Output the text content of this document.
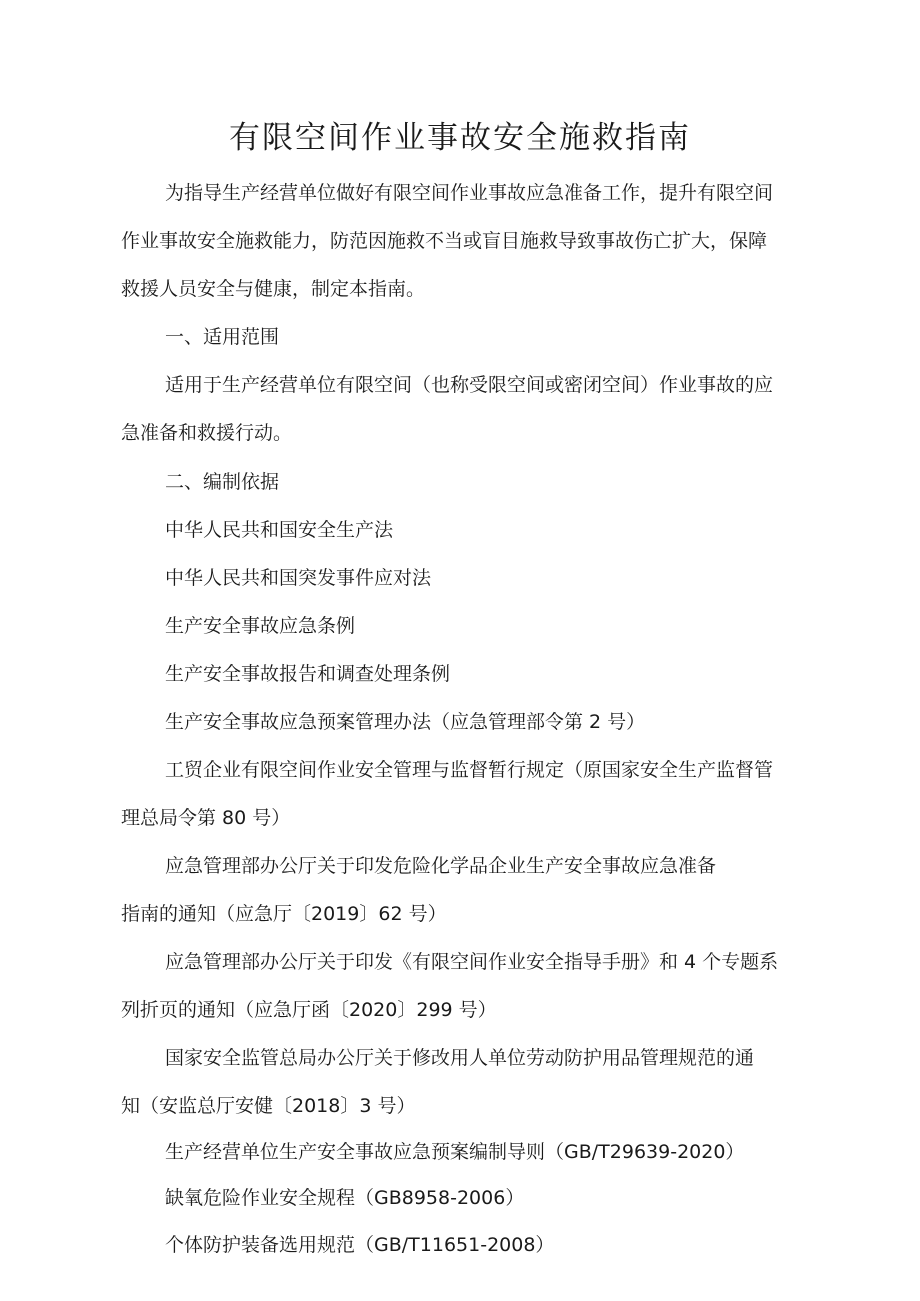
有限空间作业事故安全施救指南
为指导生产经营单位做好有限空间作业事故应急准备工作，提升有限空间
作业事故安全施救能力，防范因施救不当或盲目施救导致事故伤亡扩大，保障
救援人员安全与健康，制定本指南。
一、适用范围
适用于生产经营单位有限空间（也称受限空间或密闭空间）作业事故的应
急准备和救援行动。
二、编制依据
中华人民共和国安全生产法
中华人民共和国突发事件应对法
生产安全事故应急条例
生产安全事故报告和调查处理条例
生产安全事故应急预案管理办法（应急管理部令第 2 号）
工贸企业有限空间作业安全管理与监督暂行规定（原国家安全生产监督管
理总局令第 80 号）
应急管理部办公厅关于印发危险化学品企业生产安全事故应急准备
指南的通知（应急厅〔2019〕62 号）
应急管理部办公厅关于印发《有限空间作业安全指导手册》和 4 个专题系
列折页的通知（应急厅函〔2020〕299 号）
国家安全监管总局办公厅关于修改用人单位劳动防护用品管理规范的通
知（安监总厅安健〔2018〕3 号）
生产经营单位生产安全事故应急预案编制导则（GB/T29639-2020）
缺氧危险作业安全规程（GB8958-2006）
个体防护装备选用规范（GB/T11651-2008）
